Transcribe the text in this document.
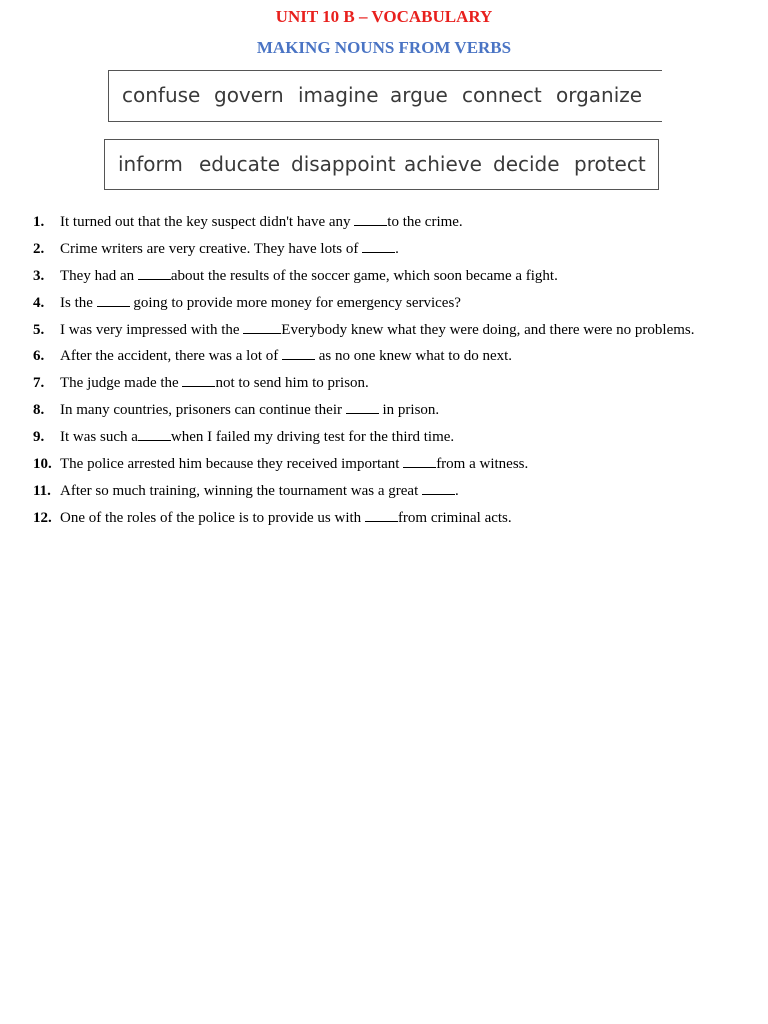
UNIT 10 B – VOCABULARY
MAKING NOUNS FROM VERBS
confuse govern imagine argue connect organize
inform educate disappoint achieve decide protect
1. It turned out that the key suspect didn't have any to the crime.
2. Crime writers are very creative. They have lots of .
3. They had an about the results of the soccer game, which soon became a fight.
4. Is the  going to provide more money for emergency services?
5. I was very impressed with the	Everybody knew what they were doing, and there were no problems.
6. After the accident, there was a lot of  as no one knew what to do next.
7. The judge made the not to send him to prison.
8. In many countries, prisoners can continue their  in prison.
9. It was such a when I failed my driving test for the third time.
10. The police arrested him because they received important from a witness.
11. After so much training, winning the tournament was a great .
12. One of the roles of the police is to provide us with from criminal acts.
